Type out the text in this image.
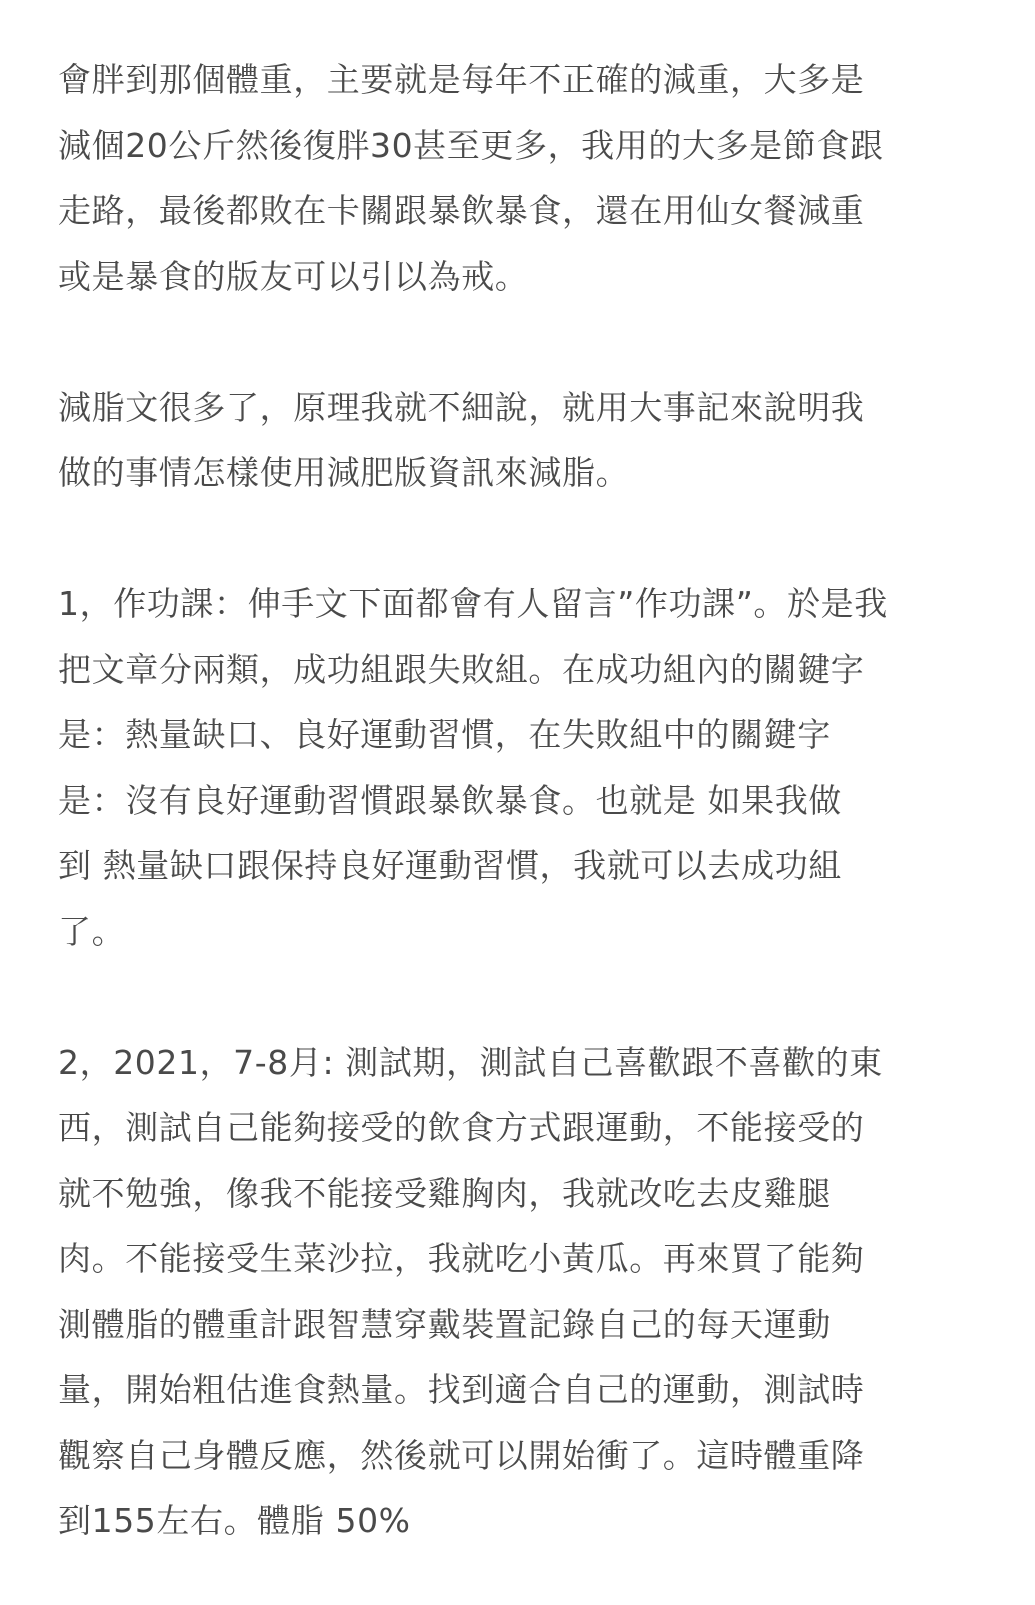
會胖到那個體重，主要就是每年不正確的減重，大多是
減個20公斤然後復胖30甚至更多，我用的大多是節食跟
走路，最後都敗在卡關跟暴飲暴食，還在用仙女餐減重
或是暴食的版友可以引以為戒。
減脂文很多了，原理我就不細說，就用大事記來說明我
做的事情怎樣使用減肥版資訊來減脂。
1，作功課：伸手文下面都會有人留言”作功課”。於是我
把文章分兩類，成功組跟失敗組。在成功組內的關鍵字
是：熱量缺口、良好運動習慣，在失敗組中的關鍵字
是：沒有良好運動習慣跟暴飲暴食。也就是 如果我做
到 熱量缺口跟保持良好運動習慣，我就可以去成功組
了。
2，2021，7-8月: 測試期，測試自己喜歡跟不喜歡的東
西，測試自己能夠接受的飲食方式跟運動，不能接受的
就不勉強，像我不能接受雞胸肉，我就改吃去皮雞腿
肉。不能接受生菜沙拉，我就吃小黃瓜。再來買了能夠
測體脂的體重計跟智慧穿戴裝置記錄自己的每天運動
量，開始粗估進食熱量。找到適合自己的運動，測試時
觀察自己身體反應，然後就可以開始衝了。這時體重降
到155左右。體脂 50%
